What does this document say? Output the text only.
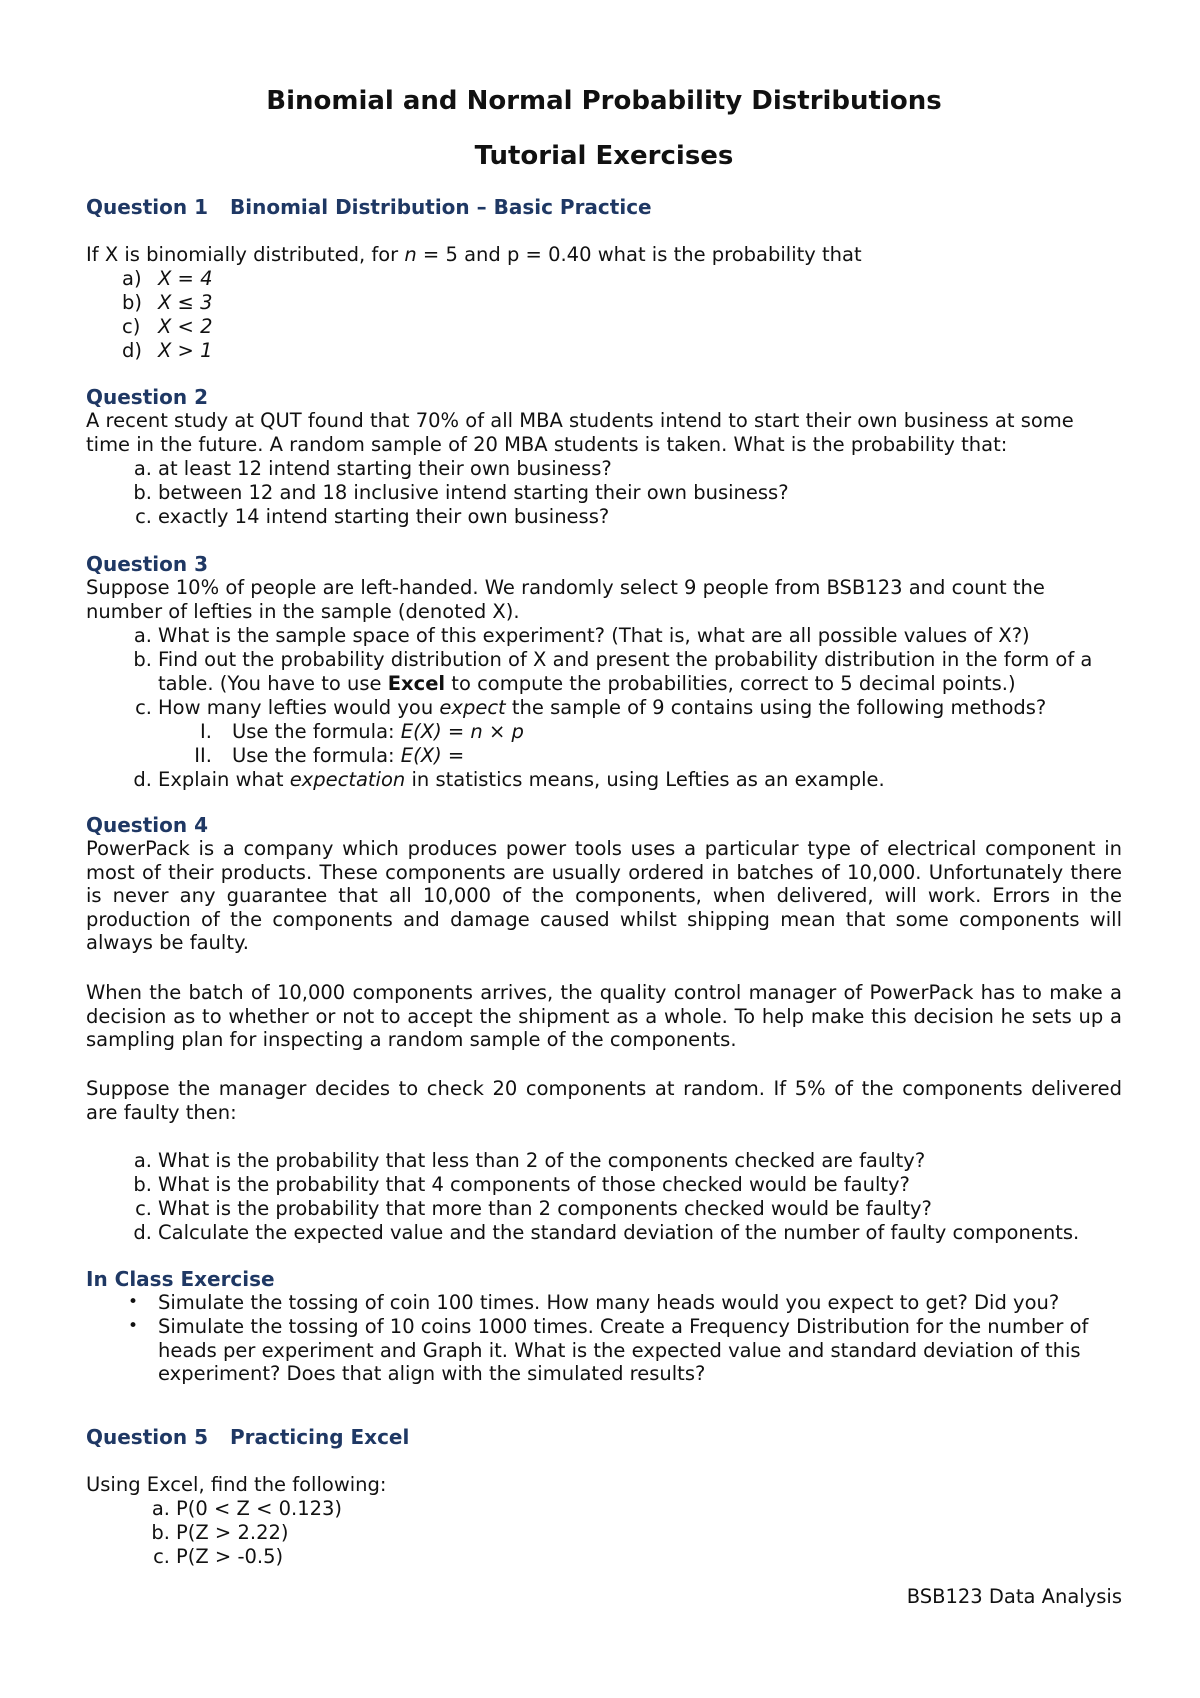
Binomial and Normal Probability Distributions
Tutorial Exercises
Question 1 Binomial Distribution – Basic Practice
If X is binomially distributed, for n = 5 and p = 0.40 what is the probability that
a) X = 4
b) X ≤ 3
c) X < 2
d) X > 1
Question 2
A recent study at QUT found that 70% of all MBA students intend to start their own business at some time in the future. A random sample of 20 MBA students is taken. What is the probability that:
a. at least 12 intend starting their own business?
b. between 12 and 18 inclusive intend starting their own business?
c. exactly 14 intend starting their own business?
Question 3
Suppose 10% of people are left-handed. We randomly select 9 people from BSB123 and count the number of lefties in the sample (denoted X).
a. What is the sample space of this experiment? (That is, what are all possible values of X?)
b. Find out the probability distribution of X and present the probability distribution in the form of a table. (You have to use Excel to compute the probabilities, correct to 5 decimal points.)
c. How many lefties would you expect the sample of 9 contains using the following methods?
I. Use the formula: E(X) = n × p
II. Use the formula: E(X) =
d. Explain what expectation in statistics means, using Lefties as an example.
Question 4
PowerPack is a company which produces power tools uses a particular type of electrical component in most of their products. These components are usually ordered in batches of 10,000. Unfortunately there is never any guarantee that all 10,000 of the components, when delivered, will work. Errors in the production of the components and damage caused whilst shipping mean that some components will always be faulty.
When the batch of 10,000 components arrives, the quality control manager of PowerPack has to make a decision as to whether or not to accept the shipment as a whole. To help make this decision he sets up a sampling plan for inspecting a random sample of the components.
Suppose the manager decides to check 20 components at random. If 5% of the components delivered are faulty then:
a. What is the probability that less than 2 of the components checked are faulty?
b. What is the probability that 4 components of those checked would be faulty?
c. What is the probability that more than 2 components checked would be faulty?
d. Calculate the expected value and the standard deviation of the number of faulty components.
In Class Exercise
• Simulate the tossing of coin 100 times. How many heads would you expect to get? Did you?
• Simulate the tossing of 10 coins 1000 times. Create a Frequency Distribution for the number of heads per experiment and Graph it. What is the expected value and standard deviation of this experiment? Does that align with the simulated results?
Question 5 Practicing Excel
Using Excel, find the following:
a. P(0 < Z < 0.123)
b. P(Z > 2.22)
c. P(Z > -0.5)
BSB123 Data Analysis
